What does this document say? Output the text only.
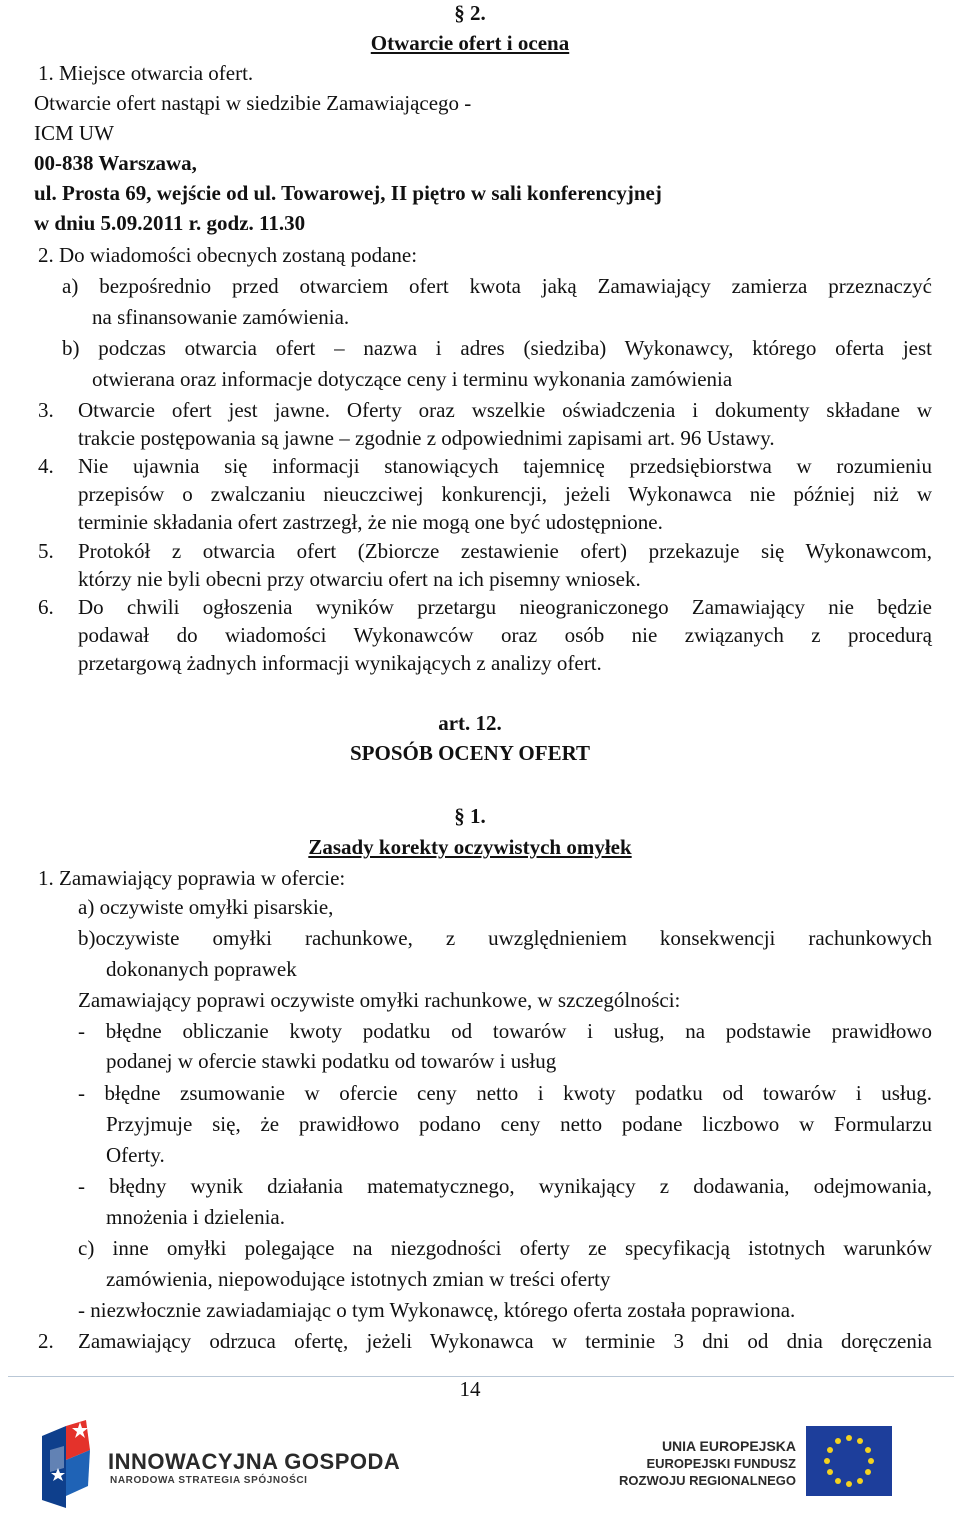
§ 2.
Otwarcie ofert i ocena
1. Miejsce otwarcia ofert.
Otwarcie ofert nastąpi w siedzibie Zamawiającego -
ICM UW
00-838 Warszawa,
ul. Prosta 69, wejście od ul. Towarowej, II piętro w sali konferencyjnej
w dniu 5.09.2011 r. godz. 11.30
2. Do wiadomości obecnych zostaną podane:
a) bezpośrednio przed otwarciem ofert kwota jaką Zamawiający zamierza przeznaczyć
na sfinansowanie zamówienia.
b) podczas otwarcia ofert – nazwa i adres (siedziba) Wykonawcy, którego oferta jest
otwierana oraz informacje dotyczące ceny i terminu wykonania zamówienia
3. Otwarcie ofert jest jawne. Oferty oraz wszelkie oświadczenia i dokumenty składane w
trakcie postępowania są jawne – zgodnie z odpowiednimi zapisami art. 96 Ustawy.
4. Nie ujawnia się informacji stanowiących tajemnicę przedsiębiorstwa w rozumieniu
przepisów o zwalczaniu nieuczciwej konkurencji, jeżeli Wykonawca nie później niż w
terminie składania ofert zastrzegł, że nie mogą one być udostępnione.
5. Protokół z otwarcia ofert (Zbiorcze zestawienie ofert) przekazuje się Wykonawcom,
którzy nie byli obecni przy otwarciu ofert na ich pisemny wniosek.
6. Do chwili ogłoszenia wyników przetargu nieograniczonego Zamawiający nie będzie
podawał do wiadomości Wykonawców oraz osób nie związanych z procedurą
przetargową żadnych informacji wynikających z analizy ofert.
art. 12.
SPOSÓB OCENY OFERT
§ 1.
Zasady korekty oczywistych omyłek
1. Zamawiający poprawia w ofercie:
a) oczywiste omyłki pisarskie,
b)oczywiste omyłki rachunkowe, z uwzględnieniem konsekwencji rachunkowych
dokonanych poprawek
Zamawiający poprawi oczywiste omyłki rachunkowe, w szczególności:
- błędne obliczanie kwoty podatku od towarów i usług, na podstawie prawidłowo
podanej w ofercie stawki podatku od towarów i usług
- błędne zsumowanie w ofercie ceny netto i kwoty podatku od towarów i usług.
Przyjmuje się, że prawidłowo podano ceny netto podane liczbowo w Formularzu
Oferty.
- błędny wynik działania matematycznego, wynikający z dodawania, odejmowania,
mnożenia i dzielenia.
c) inne omyłki polegające na niezgodności oferty ze specyfikacją istotnych warunków
zamówienia, niepowodujące istotnych zmian w treści oferty
- niezwłocznie zawiadamiając o tym Wykonawcę, którego oferta została poprawiona.
2. Zamawiający odrzuca ofertę, jeżeli Wykonawca w terminie 3 dni od dnia doręczenia
14
INNOWACYJNA GOSPODA
NARODOWA STRATEGIA SPÓJNOŚCI
UNIA EUROPEJSKA
EUROPEJSKI FUNDUSZ
ROZWOJU REGIONALNEGO
